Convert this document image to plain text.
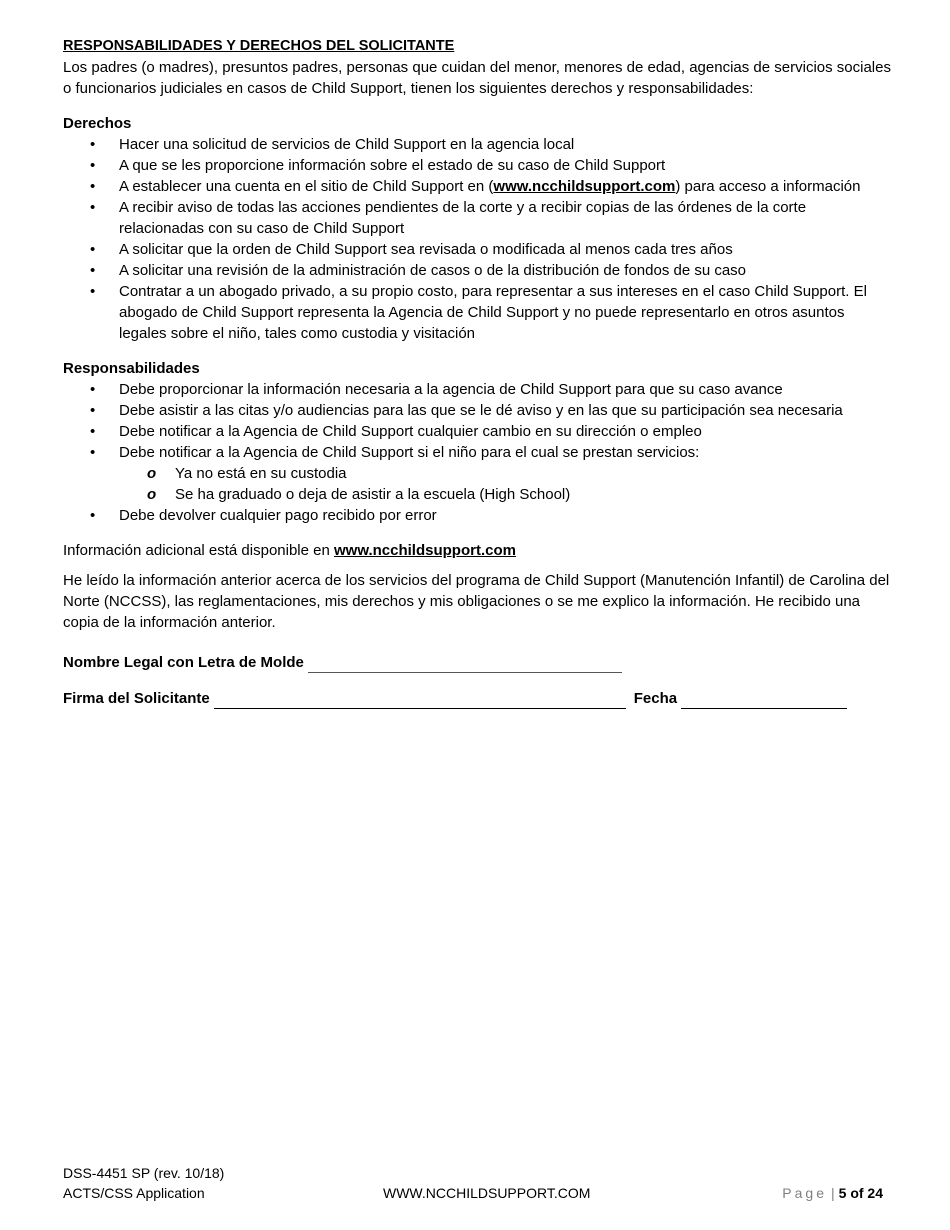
RESPONSABILIDADES Y DERECHOS DEL SOLICITANTE

Los padres (o madres), presuntos padres, personas que cuidan del menor, menores de edad, agencias de servicios sociales o funcionarios judiciales en casos de Child Support, tienen los siguientes derechos y responsabilidades:

Derechos

• Hacer una solicitud de servicios de Child Support en la agencia local
• A que se les proporcione información sobre el estado de su caso de Child Support
• A establecer una cuenta en el sitio de Child Support en (www.ncchildsupport.com) para acceso a información
• A recibir aviso de todas las acciones pendientes de la corte y a recibir copias de las órdenes de la corte relacionadas con su caso de Child Support
• A solicitar que la orden de Child Support sea revisada o modificada al menos cada tres años
• A solicitar una revisión de la administración de casos o de la distribución de fondos de su caso
• Contratar a un abogado privado, a su propio costo, para representar a sus intereses en el caso Child Support. El abogado de Child Support representa la Agencia de Child Support y no puede representarlo en otros asuntos legales sobre el niño, tales como custodia y visitación

Responsabilidades

• Debe proporcionar la información necesaria a la agencia de Child Support para que su caso avance
• Debe asistir a las citas y/o audiencias para las que se le dé aviso y en las que su participación sea necesaria
• Debe notificar a la Agencia de Child Support cualquier cambio en su dirección o empleo
• Debe notificar a la Agencia de Child Support si el niño para el cual se prestan servicios:
o Ya no está en su custodia
o Se ha graduado o deja de asistir a la escuela (High School)
• Debe devolver cualquier pago recibido por error

Información adicional está disponible en www.ncchildsupport.com

He leído la información anterior acerca de los servicios del programa de Child Support (Manutención Infantil) de Carolina del Norte (NCCSS), las reglamentaciones, mis derechos y mis obligaciones o se me explico la información. He recibido una copia de la información anterior.

Nombre Legal con Letra de Molde
Firma del Solicitante	Fecha
DSS-4451 SP (rev. 10/18)
ACTS/CSS Application	WWW.NCCHILDSUPPORT.COM	Page | 5 of 24
